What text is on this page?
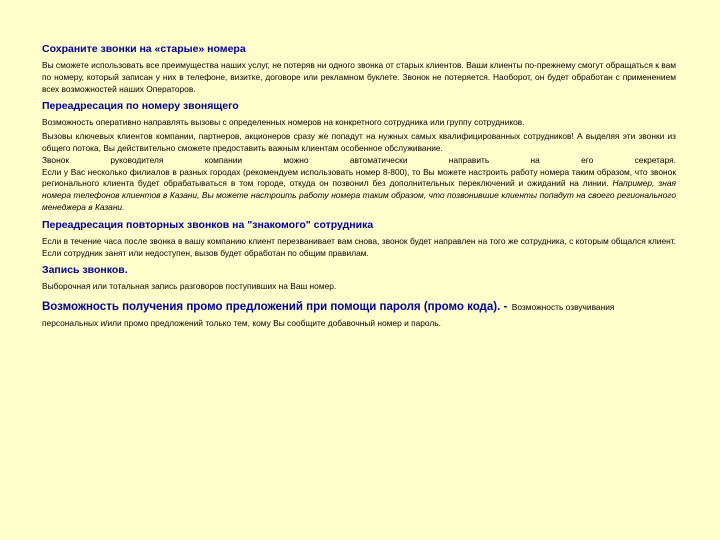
Сохраните звонки на «старые» номера

Вы сможете использовать все преимущества наших услуг, не потеряв ни одного звонка от старых клиентов. Ваши клиенты по-прежнему смогут обращаться к вам по номеру, который записан у них в телефоне, визитке, договоре или рекламном буклете. Звонок не потеряется. Наоборот, он будет обработан с применением всех возможностей наших Операторов.

Переадресация по номеру звонящего

Возможность оперативно направлять вызовы с определенных номеров на конкретного сотрудника или группу сотрудников.

Вызовы ключевых клиентов компании, партнеров, акционеров сразу же попадут на нужных самых квалифицированных сотрудников! А выделяя эти звонки из общего потока, Вы действительно сможете предоставить важным клиентам особенное обслуживание.

Звонок руководителя компании можно автоматически направить на его секретаря.
Если у Вас несколько филиалов в разных городах (рекомендуем использовать номер 8-800), то Вы можете настроить работу номера таким образом, что звонок регионального клиента будет обрабатываться в том городе, откуда он позвонил без дополнительных переключений и ожиданий на линии. Например, зная номера телефонов клиентов в Казани, Вы можете настроить работу номера таким образом, что позвонившие клиенты попадут на своего регионального менеджера в Казани.

Переадресация повторных звонков на "знакомого" сотрудника

Если в течение часа после звонка в вашу компанию клиент перезванивает вам снова, звонок будет направлен на того же сотрудника, с которым общался клиент. Если сотрудник занят или недоступен, вызов будет обработан по общим правилам.

Запись звонков.

Выборочная или тотальная запись разговоров поступивших на Ваш номер.

Возможность получения промо предложений при помощи пароля (промо кода). - Возможность озвучивания

персональных и/или промо предложений только тем, кому Вы сообщите добавочный номер и пароль.
